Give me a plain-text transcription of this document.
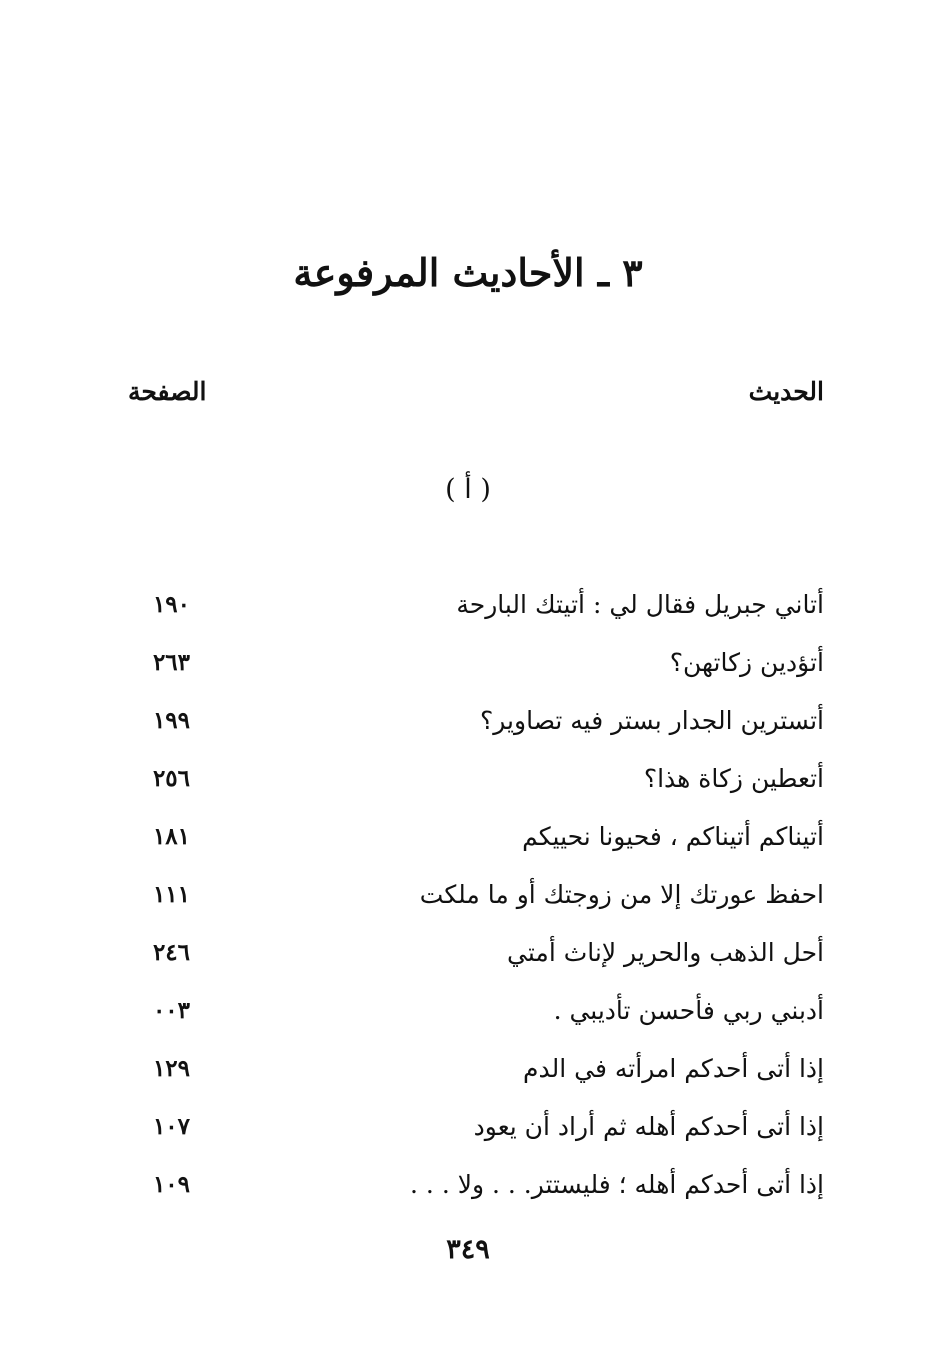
٣ ـ الأحاديث المرفوعة
الحديث
الصفحة
( أ )
أتاني جبريل فقال لي : أتيتك البارحة
١٩٠
أتؤدين زكاتهن؟
٢٦٣
أتسترين الجدار بستر فيه تصاوير؟
١٩٩
أتعطين زكاة هذا؟
٢٥٦
أتيناكم أتيناكم ، فحيونا نحييكم
١٨١
احفظ عورتك إلا من زوجتك أو ما ملكت
١١١
أحل الذهب والحرير لإناث أمتي
٢٤٦
أدبني ربي فأحسن تأديبي .
٠٠٣
إذا أتى أحدكم امرأته في الدم
١٢٩
إذا أتى أحدكم أهله ثم أراد أن يعود
١٠٧
إذا أتى أحدكم أهله ؛ فليستتر. . . ولا . . .
١٠٩
٣٤٩
